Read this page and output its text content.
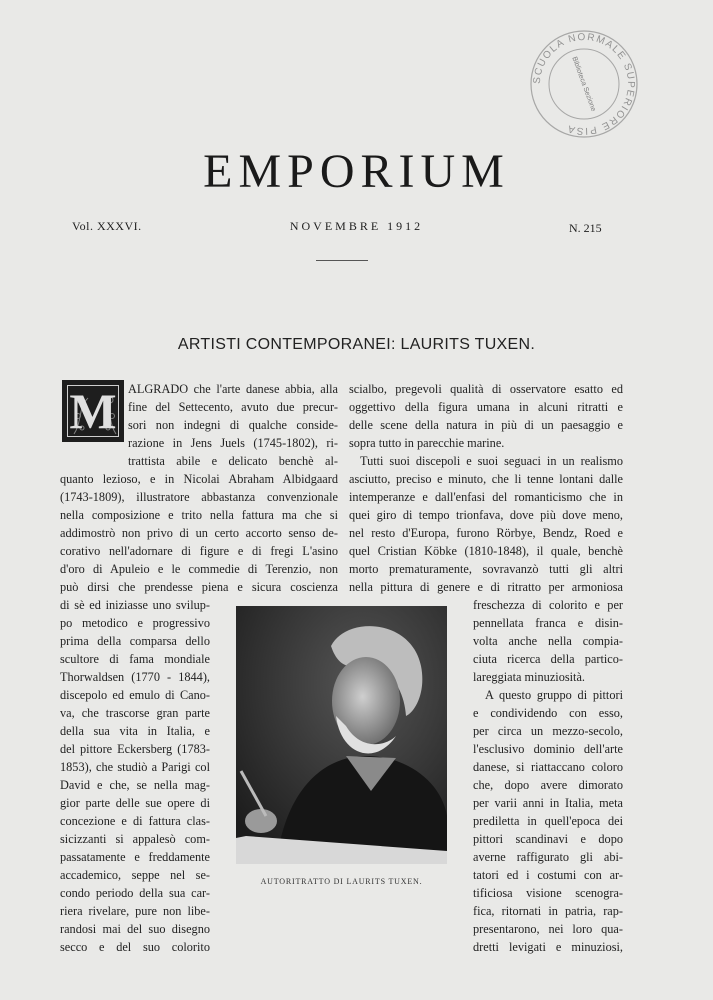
SCUOLA NORMALE SUPERIORE PISA
Biblioteca Sezione
EMPORIUM
Vol. XXXVI.	NOVEMBRE 1912	N. 215
ARTISTI CONTEMPORANEI: LAURITS TUXEN.
M ALGRADO che l'arte danese abbia, alla
fine del Settecento, avuto due precur-
sori non indegni di qualche conside-
razione in Jens Juels (1745-1802), ri-
trattista abile e delicato benchè al-
quanto lezioso, e in Nicolai Abraham Albidgaard
(1743-1809), illustratore abbastanza convenzionale
nella composizione e trito nella fattura ma che si
addimostrò non privo di un certo accorto senso de-
corativo nell'adornare di figure e di fregi L'asino
d'oro di Apuleio e le commedie di Terenzio, non
può dirsi che prendesse piena e sicura coscienza
di sè ed iniziasse uno svilup-
po metodico e progressivo
prima della comparsa dello
scultore di fama mondiale
Thorwaldsen (1770 - 1844),
discepolo ed emulo di Cano-
va, che trascorse gran parte
della sua vita in Italia, e
del pittore Eckersberg (1783-
1853), che studiò a Parigi col
David e che, se nella mag-
gior parte delle sue opere di
concezione e di fattura clas-
sicizzanti si appalesò com-
passatamente e freddamente
accademico, seppe nel se-
condo periodo della sua car-
riera rivelare, pure non libe-
randosi mai del suo disegno
secco e del suo colorito
scialbo, pregevoli qualità di osservatore esatto ed
oggettivo della figura umana in alcuni ritratti e
delle scene della natura in più di un paesaggio e
sopra tutto in parecchie marine.
Tutti suoi discepoli e suoi seguaci in un realismo
asciutto, preciso e minuto, che li tenne lontani dalle
intemperanze e dall'enfasi del romanticismo che in
quei giro di tempo trionfava, dove più dove meno,
nel resto d'Europa, furono Rörbye, Bendz, Roed e
quel Cristian Köbke (1810-1848), il quale, benchè
morto prematuramente, sovravanzò tutti gli altri
nella pittura di genere e di ritratto per armoniosa
freschezza di colorito e per
pennellata franca e disin-
volta anche nella compia-
ciuta ricerca della partico-
lareggiata minuziosità.
A questo gruppo di pittori
e condividendo con esso,
per circa un mezzo-secolo,
l'esclusivo dominio dell'arte
danese, si riattaccano coloro
che, dopo avere dimorato
per varii anni in Italia, meta
prediletta in quell'epoca dei
pittori scandinavi e dopo
averne raffigurato gli abi-
tatori ed i costumi con ar-
tificiosa visione scenogra-
fica, ritornati in patria, rap-
presentarono, nei loro qua-
dretti levigati e minuziosi,
AUTORITRATTO DI LAURITS TUXEN.
